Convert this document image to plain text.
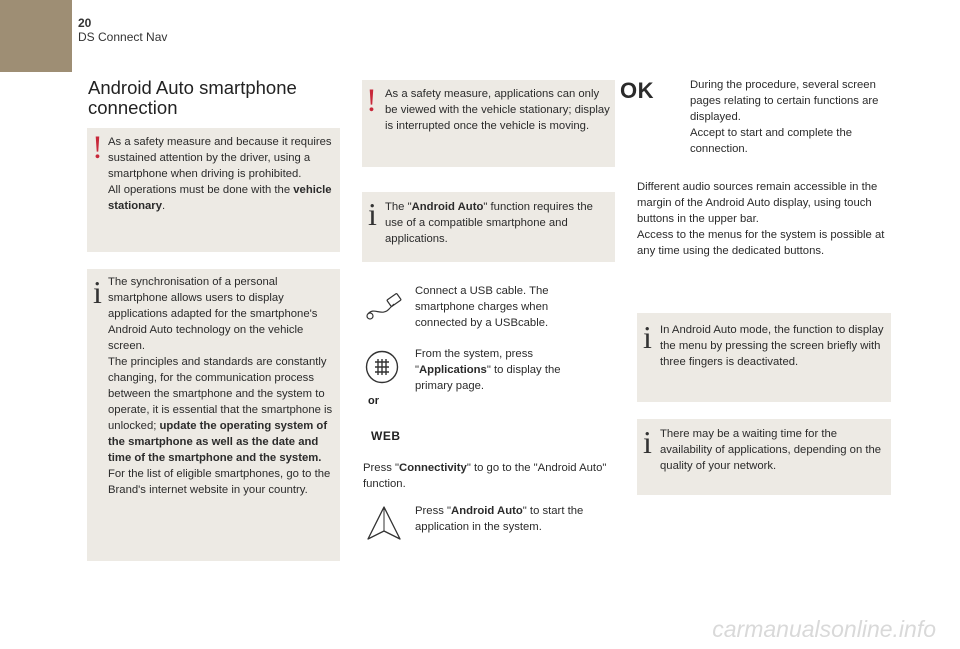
20
DS Connect Nav
Android Auto smartphone connection
! As a safety measure and because it requires sustained attention by the driver, using a smartphone when driving is prohibited.
All operations must be done with the vehicle stationary.
i The synchronisation of a personal smartphone allows users to display applications adapted for the smartphone's Android Auto technology on the vehicle screen.
The principles and standards are constantly changing, for the communication process between the smartphone and the system to operate, it is essential that the smartphone is unlocked; update the operating system of the smartphone as well as the date and time of the smartphone and the system.
For the list of eligible smartphones, go to the Brand's internet website in your country.
! As a safety measure, applications can only be viewed with the vehicle stationary; display is interrupted once the vehicle is moving.
i The "Android Auto" function requires the use of a compatible smartphone and applications.
Connect a USB cable. The smartphone charges when connected by a USBcable.
or
From the system, press "Applications" to display the primary page.
WEB
Press "Connectivity" to go to the "Android Auto" function.
Press "Android Auto" to start the application in the system.
OK	During the procedure, several screen pages relating to certain functions are displayed.
Accept to start and complete the connection.
Different audio sources remain accessible in the margin of the Android Auto display, using touch buttons in the upper bar.
Access to the menus for the system is possible at any time using the dedicated buttons.
i In Android Auto mode, the function to display the menu by pressing the screen briefly with three fingers is deactivated.
i There may be a waiting time for the availability of applications, depending on the quality of your network.
carmanualsonline.info
